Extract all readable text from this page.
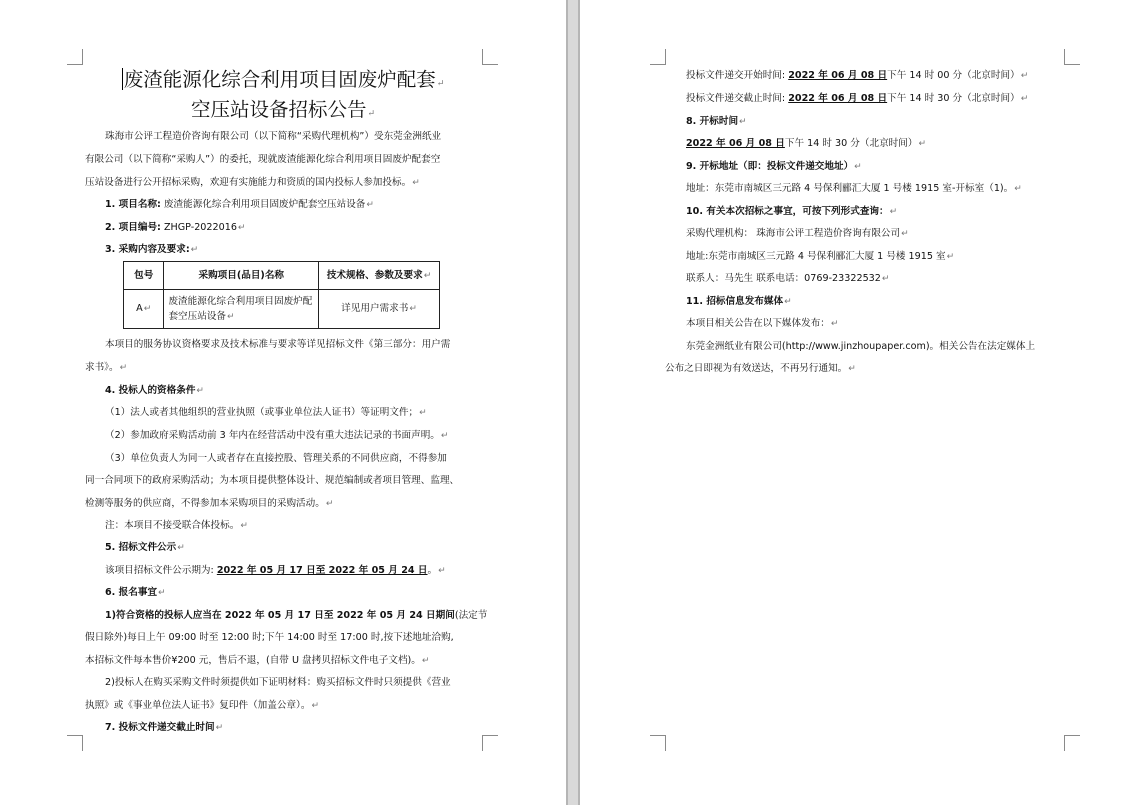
废渣能源化综合利用项目固废炉配套↵
空压站设备招标公告↵
珠海市公评工程造价咨询有限公司（以下简称“采购代理机构”）受东莞金洲纸业
有限公司（以下简称“采购人”）的委托，现就废渣能源化综合利用项目固废炉配套空
压站设备进行公开招标采购，欢迎有实施能力和资质的国内投标人参加投标。↵
1. 项目名称: 废渣能源化综合利用项目固废炉配套空压站设备↵
2. 项目编号: ZHGP-2022016↵
3. 采购内容及要求:↵
包号	采购项目(品目)名称	技术规格、参数及要求↵
A↵	废渣能源化综合利用项目固废炉配套空压站设备↵	详见用户需求书↵
本项目的服务协议资格要求及技术标准与要求等详见招标文件《第三部分：用户需
求书》。↵
4. 投标人的资格条件↵
（1）法人或者其他组织的营业执照（或事业单位法人证书）等证明文件；↵
（2）参加政府采购活动前 3 年内在经营活动中没有重大违法记录的书面声明。↵
（3）单位负责人为同一人或者存在直接控股、管理关系的不同供应商，不得参加
同一合同项下的政府采购活动；为本项目提供整体设计、规范编制或者项目管理、监理、
检测等服务的供应商，不得参加本采购项目的采购活动。↵
注：本项目不接受联合体投标。↵
5. 招标文件公示↵
该项目招标文件公示期为: 2022 年 05 月 17 日至 2022 年 05 月 24 日。↵
6. 报名事宜↵
1)符合资格的投标人应当在 2022 年 05 月 17 日至 2022 年 05 月 24 日期间(法定节
假日除外)每日上午 09:00 时至 12:00 时;下午 14:00 时至 17:00 时,按下述地址洽购,
本招标文件每本售价¥200 元，售后不退，(自带 U 盘拷贝招标文件电子文档)。↵
2)投标人在购买采购文件时须提供如下证明材料：购买招标文件时只须提供《营业
执照》或《事业单位法人证书》复印件（加盖公章）。↵
7. 投标文件递交截止时间↵
投标文件递交开始时间: 2022 年 06 月 08 日下午 14 时 00 分（北京时间）↵
投标文件递交截止时间: 2022 年 06 月 08 日下午 14 时 30 分（北京时间）↵
8. 开标时间↵
2022 年 06 月 08 日下午 14 时 30 分（北京时间）↵
9. 开标地址（即：投标文件递交地址）↵
地址：东莞市南城区三元路 4 号保利郦汇大厦 1 号楼 1915 室-开标室（1)。↵
10. 有关本次招标之事宜，可按下列形式查询：↵
采购代理机构： 珠海市公评工程造价咨询有限公司↵
地址:东莞市南城区三元路 4 号保利郦汇大厦 1 号楼 1915 室↵
联系人：马先生 联系电话：0769-23322532↵
11. 招标信息发布媒体↵
本项目相关公告在以下媒体发布：↵
东莞金洲纸业有限公司(http://www.jinzhoupaper.com)。相关公告在法定媒体上
公布之日即视为有效送达，不再另行通知。↵
